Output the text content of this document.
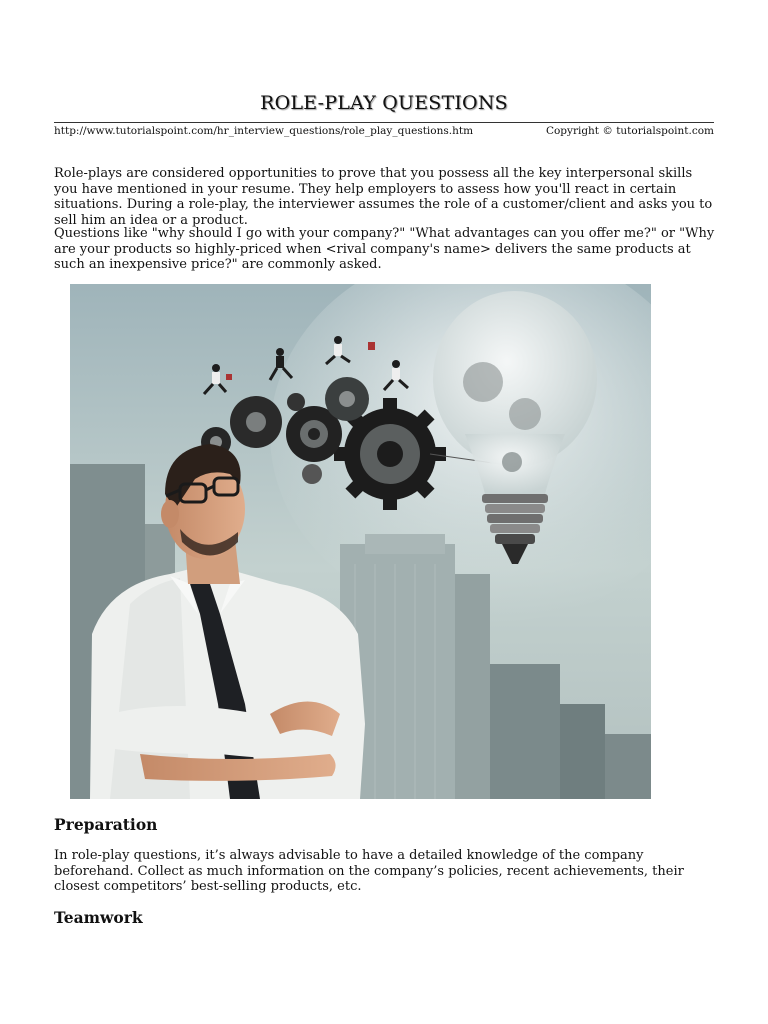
ROLE-PLAY QUESTIONS
http://www.tutorialspoint.com/hr_interview_questions/role_play_questions.htm	Copyright © tutorialspoint.com

Role-plays are considered opportunities to prove that you possess all the key interpersonal skills you have mentioned in your resume. They help employers to assess how you'll react in certain situations. During a role-play, the interviewer assumes the role of a customer/client and asks you to sell him an idea or a product.

Questions like "why should I go with your company?" "What advantages can you offer me?" or "Why are your products so highly-priced when <rival company's name> delivers the same products at such an inexpensive price?" are commonly asked.

Preparation

In role-play questions, it’s always advisable to have a detailed knowledge of the company beforehand. Collect as much information on the company’s policies, recent achievements, their closest competitors’ best-selling products, etc.

Teamwork
